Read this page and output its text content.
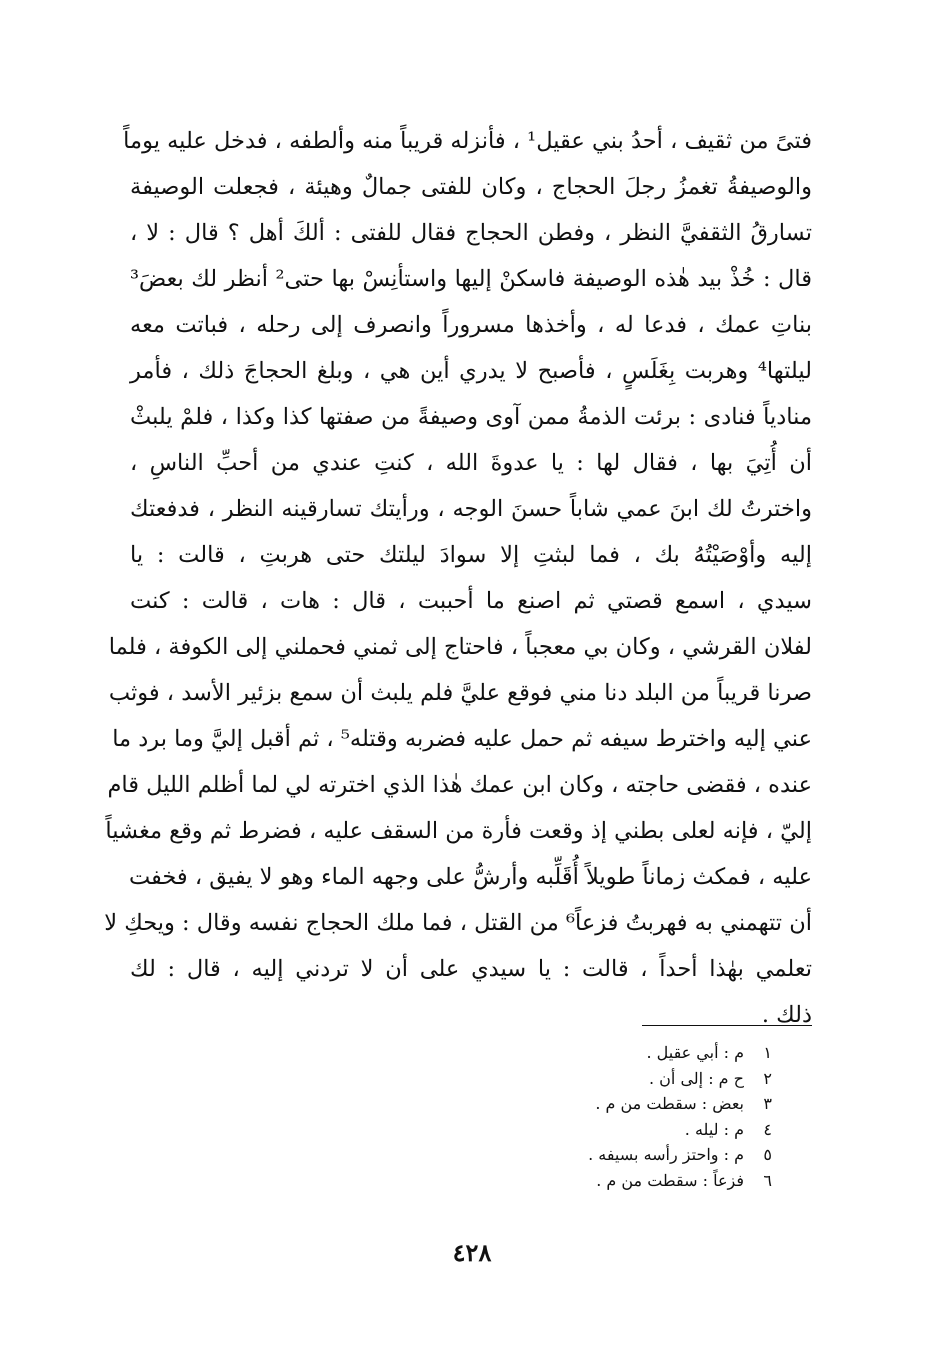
فتىً من ثقيف ، أحدُ بني عقيل¹ ، فأنزله قريباً منه وألطفه ، فدخل عليه يوماً
والوصيفةُ تغمزُ رجلَ الحجاج ، وكان للفتى جمالٌ وهيئة ، فجعلت الوصيفة
تسارقُ الثقفيَّ النظر ، وفطن الحجاج فقال للفتى : ألكَ أهل ؟ قال : لا ،
قال : خُذْ بيد هٰذه الوصيفة فاسكنْ إليها واستأنِسْ بها حتى² أنظر لك بعضَ³
بناتِ عمك ، فدعا له ، وأخذها مسروراً وانصرف إلى رحله ، فباتت معه
ليلتها⁴ وهربت بِغَلَسٍ ، فأصبح لا يدري أين هي ، وبلغ الحجاجَ ذلك ، فأمر
منادياً فنادى : برئت الذمةُ ممن آوى وصيفةً من صفتها كذا وكذا ، فلمْ يلبثْ
أن أُتِيَ بها ، فقال لها : يا عدوةَ الله ، كنتِ عندي من أحبِّ الناسِ ،
واخترتُ لك ابنَ عمي شاباً حسنَ الوجه ، ورأيتك تسارقينه النظر ، فدفعتك
إليه وأوْصَيْتُهُ بك ، فما لبثتِ إلا سوادَ ليلتك حتى هربتِ ، قالت : يا
سيدي ، اسمع قصتي ثم اصنع ما أحببت ، قال : هات ، قالت : كنت
لفلان القرشي ، وكان بي معجباً ، فاحتاج إلى ثمني فحملني إلى الكوفة ، فلما
صرنا قريباً من البلد دنا مني فوقع عليَّ فلم يلبث أن سمع بزئير الأسد ، فوثب
عني إليه واخترط سيفه ثم حمل عليه فضربه وقتله⁵ ، ثم أقبل إليَّ وما برد ما
عنده ، فقضى حاجته ، وكان ابن عمك هٰذا الذي اخترته لي لما أظلم الليل قام
إليّ ، فإنه لعلى بطني إذ وقعت فأرة من السقف عليه ، فضرط ثم وقع مغشياً
عليه ، فمكث زماناً طويلاً أُقَلِّبه وأرشُّ على وجهه الماء وهو لا يفيق ، فخفت
أن تتهمني به فهربتُ فزعاً⁶ من القتل ، فما ملك الحجاج نفسه وقال : ويحكِ لا
تعلمي بهٰذا أحداً ، قالت : يا سيدي على أن لا تردني إليه ، قال : لك
ذلك .
١
م : أبي عقيل .
٢
ح م : إلى أن .
٣
بعض : سقطت من م .
٤
م : ليله .
٥
م : واحتز رأسه بسيفه .
٦
فزعاً : سقطت من م .
٤٢٨
